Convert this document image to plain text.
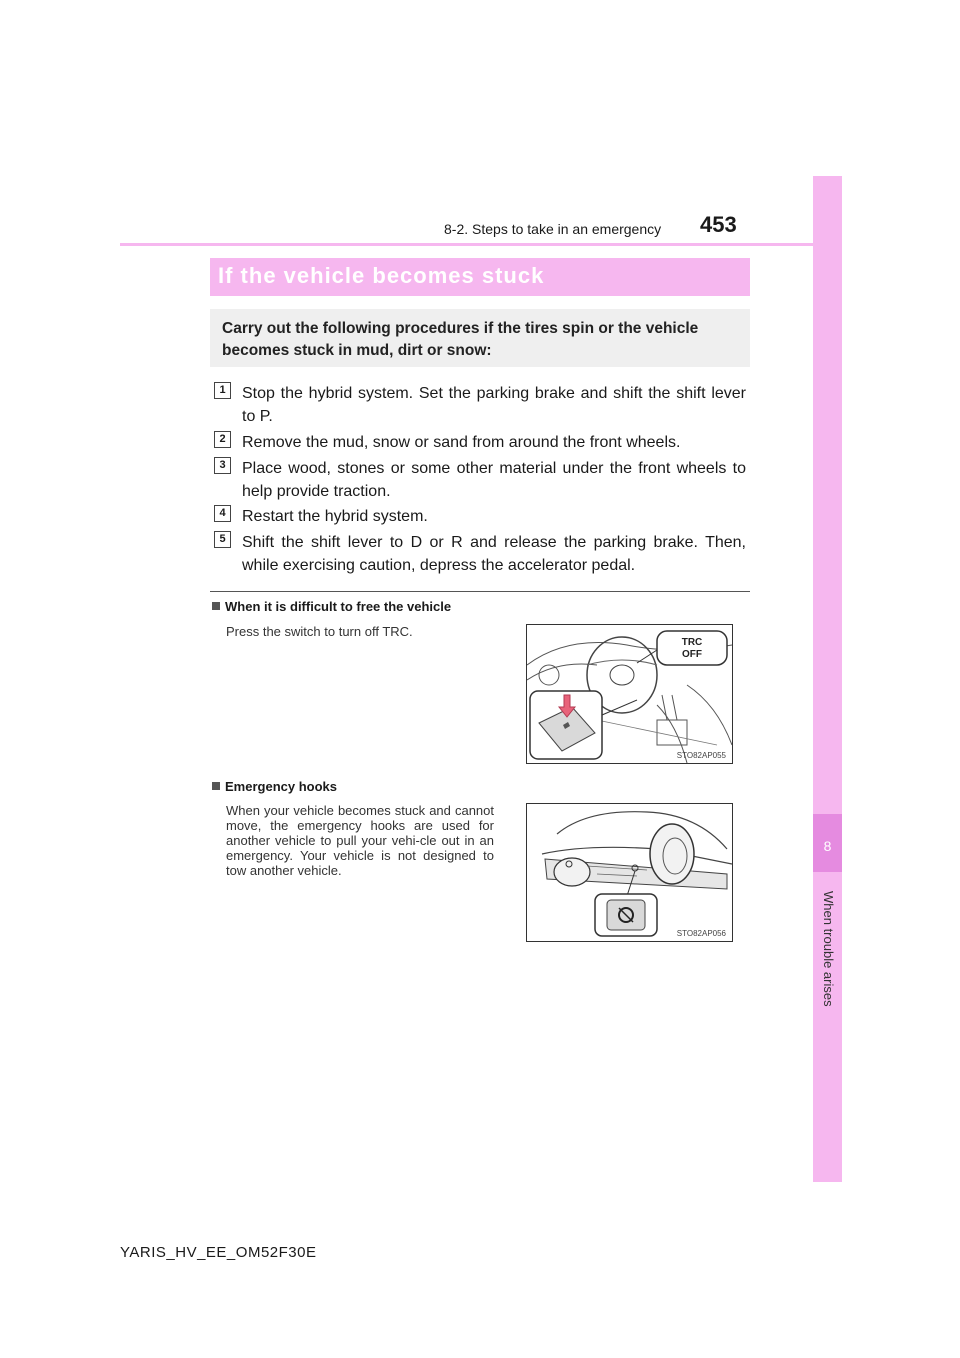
8-2. Steps to take in an emergency 453
8
When trouble arises
If the vehicle becomes stuck

Carry out the following procedures if the tires spin or the vehicle becomes stuck in mud, dirt or snow:

1	Stop the hybrid system. Set the parking brake and shift the shift lever to P.
2	Remove the mud, snow or sand from around the front wheels.
3	Place wood, stones or some other material under the front wheels to help provide traction.
4	Restart the hybrid system.
5	Shift the shift lever to D or R and release the parking brake. Then, while exercising caution, depress the accelerator pedal.
When it is difficult to free the vehicle
Press the switch to turn off TRC.
TRC
OFF
STO82AP055
Emergency hooks
When your vehicle becomes stuck and cannot move, the emergency hooks are used for another vehicle to pull your vehi-cle out in an emergency. Your vehicle is not designed to tow another vehicle.
STO82AP056
YARIS_HV_EE_OM52F30E
